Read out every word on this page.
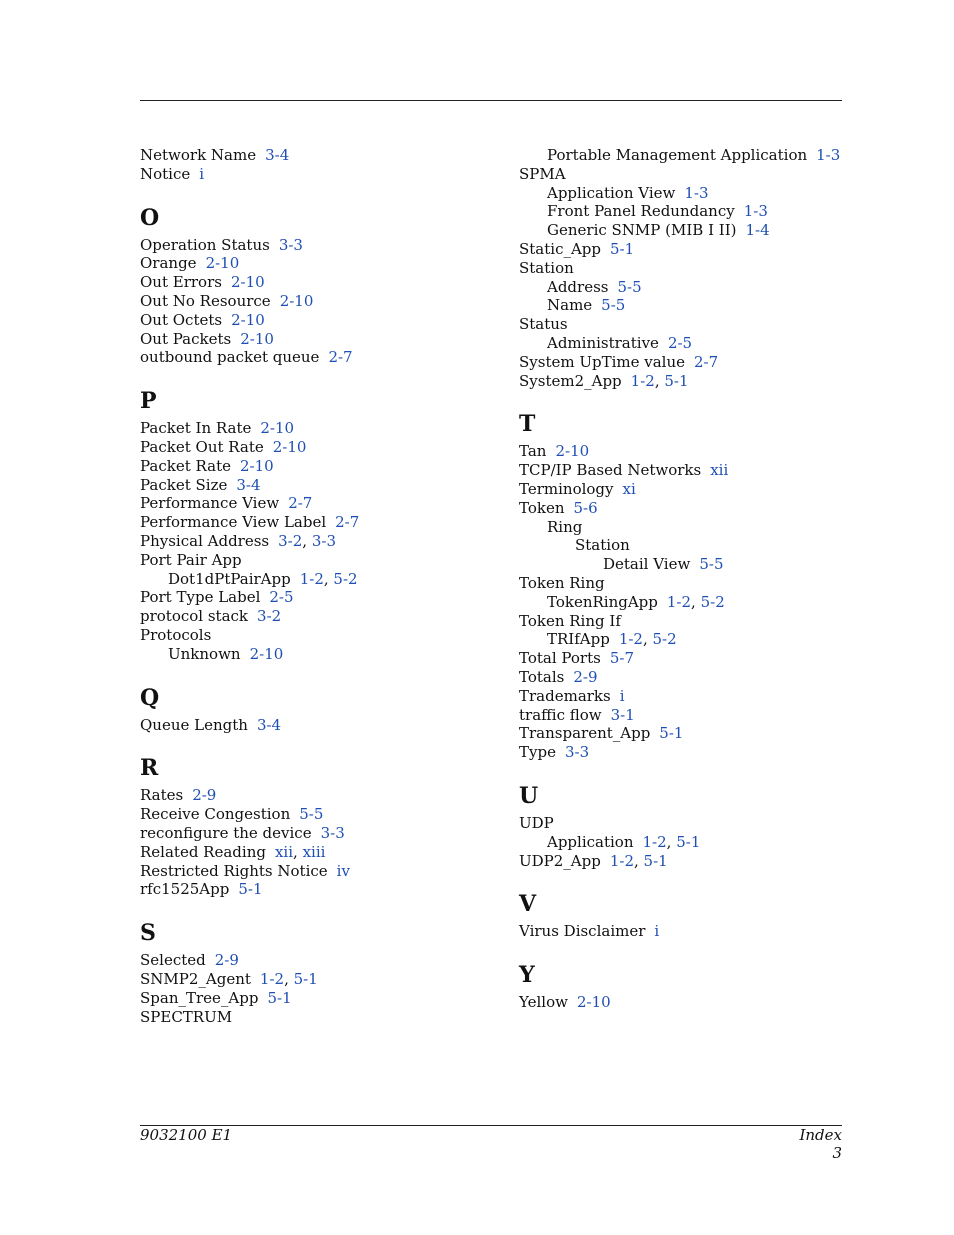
Network Name 3-4
Notice i
O
Operation Status 3-3
Orange 2-10
Out Errors 2-10
Out No Resource 2-10
Out Octets 2-10
Out Packets 2-10
outbound packet queue 2-7
P
Packet In Rate 2-10
Packet Out Rate 2-10
Packet Rate 2-10
Packet Size 3-4
Performance View 2-7
Performance View Label 2-7
Physical Address 3-2, 3-3
Port Pair App
Dot1dPtPairApp 1-2, 5-2
Port Type Label 2-5
protocol stack 3-2
Protocols
Unknown 2-10
Q
Queue Length 3-4
R
Rates 2-9
Receive Congestion 5-5
reconfigure the device 3-3
Related Reading xii, xiii
Restricted Rights Notice iv
rfc1525App 5-1
S
Selected 2-9
SNMP2_Agent 1-2, 5-1
Span_Tree_App 5-1
SPECTRUM
Portable Management Application 1-3
SPMA
Application View 1-3
Front Panel Redundancy 1-3
Generic SNMP (MIB I II) 1-4
Static_App 5-1
Station
Address 5-5
Name 5-5
Status
Administrative 2-5
System UpTime value 2-7
System2_App 1-2, 5-1
T
Tan 2-10
TCP/IP Based Networks xii
Terminology xi
Token 5-6
Ring
Station
Detail View 5-5
Token Ring
TokenRingApp 1-2, 5-2
Token Ring If
TRIfApp 1-2, 5-2
Total Ports 5-7
Totals 2-9
Trademarks i
traffic flow 3-1
Transparent_App 5-1
Type 3-3
U
UDP
Application 1-2, 5-1
UDP2_App 1-2, 5-1
V
Virus Disclaimer i
Y
Yellow 2-10
9032100 E1	Index
3
